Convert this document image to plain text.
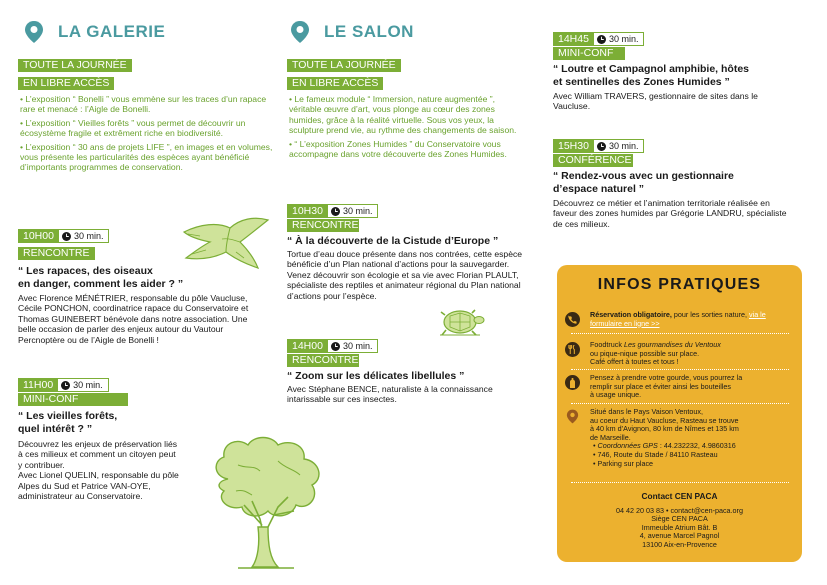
LA GALERIE
TOUTE LA JOURNÉE
EN LIBRE ACCÈS

• L’exposition “ Bonelli ” vous emmène sur les traces d’un rapace rare et menacé : l’Aigle de Bonelli.

• L’exposition “ Vieilles forêts ” vous permet de découvrir un écosystème fragile et extrêment riche en biodiversité.

• L’exposition “ 30 ans de projets LIFE ”, en images et en volumes, vous présente les particularités des espèces ayant bénéficié d’importants programmes de conservation.

10H00	30 min.
RENCONTRE
“ Les rapaces, des oiseaux
en danger, comment les aider ? ”
Avec Florence MÉNÉTRIER, responsable du pôle Vaucluse, Cécile PONCHON, coordinatrice rapace du Conservatoire et Thomas GUINEBERT bénévole dans notre association. Une belle occasion de parler des enjeux autour du Vautour Percnoptère ou de l’Aigle de Bonelli !
11H00	30 min.
MINI-CONF
“ Les vieilles forêts,
quel intérêt ? ”
Découvrez les enjeux de préservation liés à ces milieux et comment un citoyen peut y contribuer.
Avec Lionel QUELIN, responsable du pôle Alpes du Sud et Patrice VAN-OYE, administrateur au Conservatoire.
LE SALON
TOUTE LA JOURNÉE
EN LIBRE ACCÈS

• Le fameux module “ Immersion, nature augmentée ”, véritable œuvre d’art, vous plonge au cœur des zones humides, grâce à la réalité virtuelle. Sous vos yeux, la sculpture prend vie, au rythme des changements de saison.

• “ L’exposition Zones Humides ” du Conservatoire vous accompagne dans votre découverte des Zones Humides.

10H30	30 min.
RENCONTRE
“ À la découverte de la Cistude d’Europe ”
Tortue d’eau douce présente dans nos contrées, cette espèce bénéficie d’un Plan national d’actions pour la sauvegarder. Venez découvrir son écologie et sa vie avec Florian PLAULT, spécialiste des reptiles et animateur régional du Plan national d’actions pour l’espèce.
14H00	30 min.
RENCONTRE
“ Zoom sur les délicates libellules ”
Avec Stéphane BENCE, naturaliste à la connaissance intarissable sur ces insectes.
14H45	30 min.
MINI-CONF
“ Loutre et Campagnol amphibie, hôtes
et sentinelles des Zones Humides ”
Avec William TRAVERS, gestionnaire de sites dans le Vaucluse.
15H30	30 min.
CONFÉRENCE
“ Rendez-vous avec un gestionnaire
d’espace naturel ”
Découvrez ce métier et l’animation territoriale réalisée en faveur des zones humides par Grégorie LANDRU, spécialiste de ces milieux.
INFOS PRATIQUES
Réservation obligatoire, pour les sorties nature, via le formulaire en ligne >>
Foodtruck Les gourmandises du Ventoux
ou pique-nique possible sur place.
Café offert à toutes et tous !
Pensez à prendre votre gourde, vous pourrez la
remplir sur place et éviter ainsi les bouteilles
à usage unique.
Situé dans le Pays Vaison Ventoux,
au coeur du Haut Vaucluse, Rasteau se trouve
à 40 km d’Avignon, 80 km de Nîmes et 135 km
de Marseille.
• Coordonnées GPS : 44.232232, 4.9860316
• 746, Route du Stade / 84110 Rasteau
• Parking sur place
Contact CEN PACA
04 42 20 03 83 • contact@cen-paca.org
Siège CEN PACA
Immeuble Atrium Bât. B
4, avenue Marcel Pagnol
13100 Aix-en-Provence
